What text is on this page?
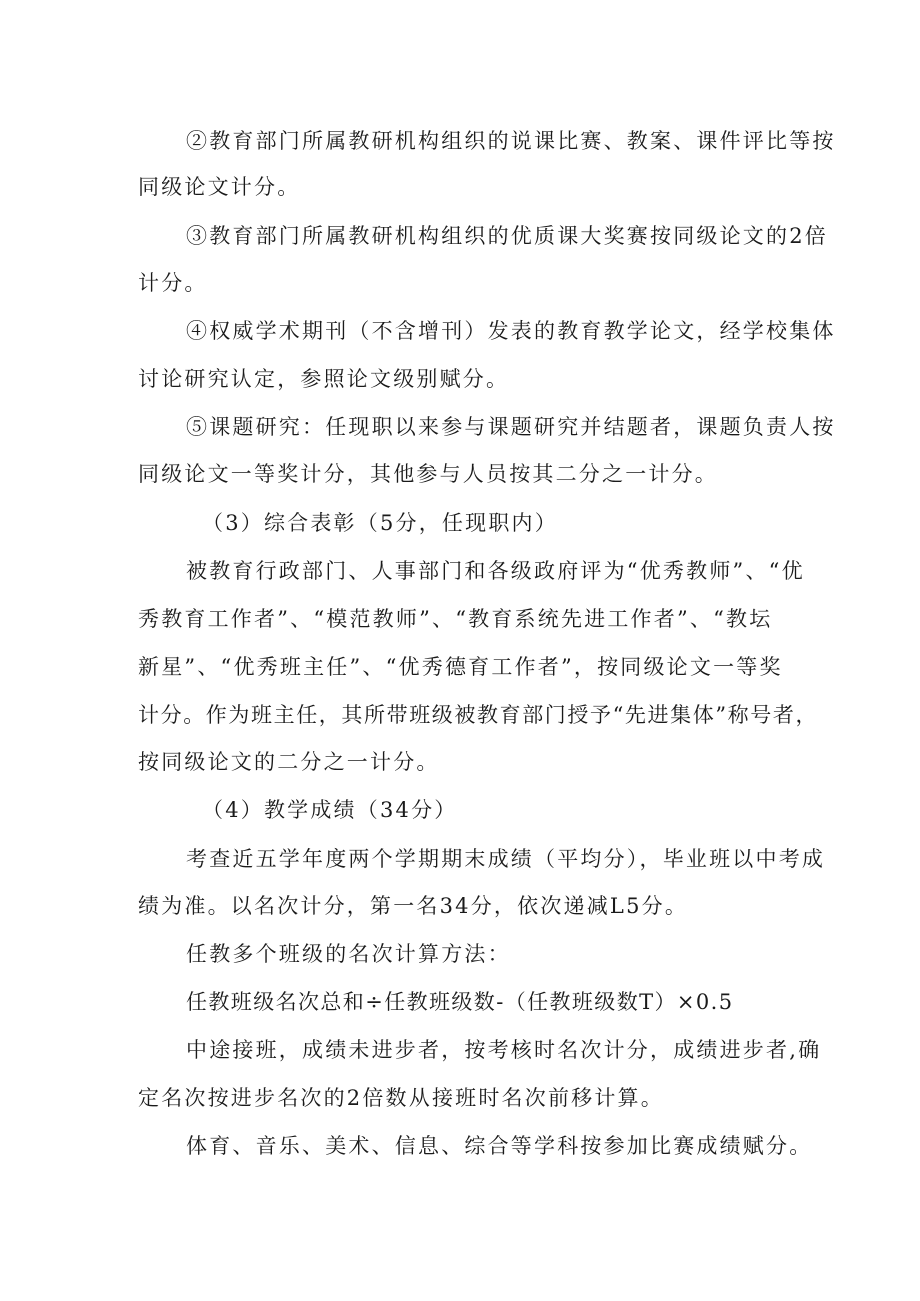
②教育部门所属教研机构组织的说课比赛、教案、课件评比等按
同级论文计分。
③教育部门所属教研机构组织的优质课大奖赛按同级论文的2倍
计分。
④权威学术期刊（不含增刊）发表的教育教学论文，经学校集体
讨论研究认定，参照论文级别赋分。
⑤课题研究：任现职以来参与课题研究并结题者，课题负责人按
同级论文一等奖计分，其他参与人员按其二分之一计分。
（3）综合表彰（5分，任现职内）
被教育行政部门、人事部门和各级政府评为“优秀教师”、“优
秀教育工作者”、“模范教师”、“教育系统先进工作者”、“教坛
新星”、“优秀班主任”、“优秀德育工作者”，按同级论文一等奖
计分。作为班主任，其所带班级被教育部门授予“先进集体”称号者，
按同级论文的二分之一计分。
（4）教学成绩（34分）
考查近五学年度两个学期期末成绩（平均分），毕业班以中考成
绩为准。以名次计分，第一名34分，依次递减L5分。
任教多个班级的名次计算方法：
任教班级名次总和÷任教班级数-（任教班级数T）×0.5
中途接班，成绩未进步者，按考核时名次计分，成绩进步者,确
定名次按进步名次的2倍数从接班时名次前移计算。
体育、音乐、美术、信息、综合等学科按参加比赛成绩赋分。
